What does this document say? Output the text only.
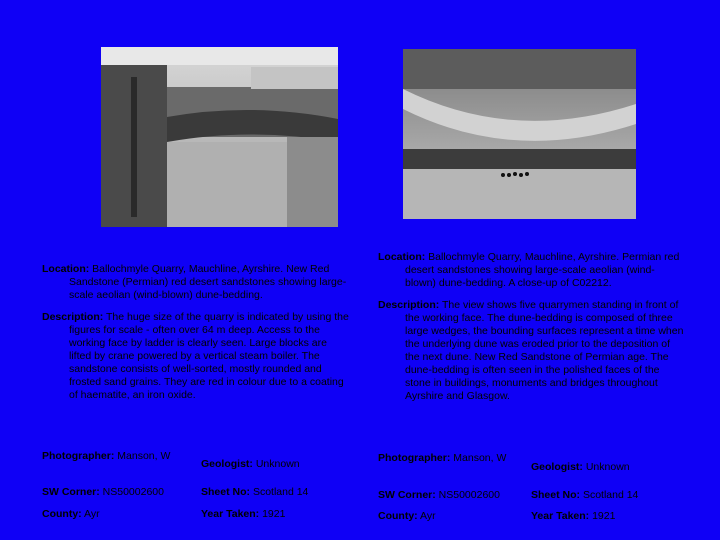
Location: Ballochmyle Quarry, Mauchline, Ayrshire. New Red Sandstone (Permian) red desert sandstones showing large-scale aeolian (wind-blown) dune-bedding.

Description: The huge size of the quarry is indicated by using the figures for scale - often over 64 m deep. Access to the working face by ladder is clearly seen. Large blocks are lifted by crane powered by a vertical steam boiler. The sandstone consists of well-sorted, mostly rounded and frosted sand grains. They are red in colour due to a coating of haematite, an iron oxide.

Photographer: Manson, W

Geologist: Unknown
SW Corner: NS50002600	Sheet No: Scotland 14
County: Ayr	Year Taken: 1921

Location: Ballochmyle Quarry, Mauchline, Ayrshire. Permian red desert sandstones showing large-scale aeolian (wind-blown) dune-bedding. A close-up of C02212.

Description: The view shows five quarrymen standing in front of the working face. The dune-bedding is composed of three large wedges, the bounding surfaces represent a time when the underlying dune was eroded prior to the deposition of the next dune. New Red Sandstone of Permian age. The dune-bedding is often seen in the polished faces of the stone in buildings, monuments and bridges throughout Ayrshire and Glasgow.

Photographer: Manson, W

Geologist: Unknown
SW Corner: NS50002600	Sheet No: Scotland 14
County: Ayr	Year Taken: 1921
